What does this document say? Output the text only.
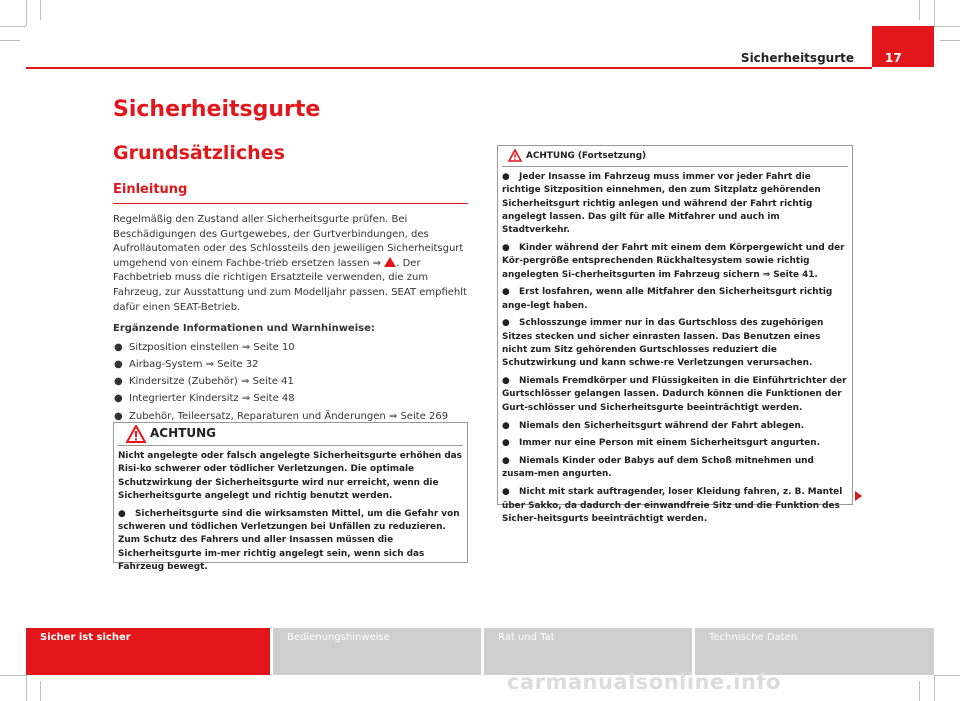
Sicherheitsgurte	17
Sicherheitsgurte
Grundsätzliches
Einleitung

Regelmäßig den Zustand aller Sicherheitsgurte prüfen. Bei Beschädigungen des Gurtgewebes, der Gurtverbindungen, des Aufrollautomaten oder des Schlossteils den jeweiligen Sicherheitsgurt umgehend von einem Fachbe-trieb ersetzen lassen ⇒ . Der Fachbetrieb muss die richtigen Ersatzteile verwenden, die zum Fahrzeug, zur Ausstattung und zum Modelljahr passen. SEAT empfiehlt dafür einen SEAT-Betrieb.

Ergänzende Informationen und Warnhinweise:

● Sitzposition einstellen ⇒ Seite 10
● Airbag-System ⇒ Seite 32
● Kindersitze (Zubehör) ⇒ Seite 41
● Integrierter Kindersitz ⇒ Seite 48
● Zubehör, Teileersatz, Reparaturen und Änderungen ⇒ Seite 269
ACHTUNG

Nicht angelegte oder falsch angelegte Sicherheitsgurte erhöhen das Risi-ko schwerer oder tödlicher Verletzungen. Die optimale Schutzwirkung der Sicherheitsgurte wird nur erreicht, wenn die Sicherheitsgurte angelegt und richtig benutzt werden.

● Sicherheitsgurte sind die wirksamsten Mittel, um die Gefahr von schweren und tödlichen Verletzungen bei Unfällen zu reduzieren. Zum Schutz des Fahrers und aller Insassen müssen die Sicherheitsgurte im-mer richtig angelegt sein, wenn sich das Fahrzeug bewegt.

ACHTUNG (Fortsetzung)

● Jeder Insasse im Fahrzeug muss immer vor jeder Fahrt die richtige Sitzposition einnehmen, den zum Sitzplatz gehörenden Sicherheitsgurt richtig anlegen und während der Fahrt richtig angelegt lassen. Das gilt für alle Mitfahrer und auch im Stadtverkehr.

● Kinder während der Fahrt mit einem dem Körpergewicht und der Kör-pergröße entsprechenden Rückhaltesystem sowie richtig angelegten Si-cherheitsgurten im Fahrzeug sichern ⇒ Seite 41.

● Erst losfahren, wenn alle Mitfahrer den Sicherheitsgurt richtig ange-legt haben.

● Schlosszunge immer nur in das Gurtschloss des zugehörigen Sitzes stecken und sicher einrasten lassen. Das Benutzen eines nicht zum Sitz gehörenden Gurtschlosses reduziert die Schutzwirkung und kann schwe-re Verletzungen verursachen.

● Niemals Fremdkörper und Flüssigkeiten in die Einführtrichter der Gurtschlösser gelangen lassen. Dadurch können die Funktionen der Gurt-schlösser und Sicherheitsgurte beeinträchtigt werden.

● Niemals den Sicherheitsgurt während der Fahrt ablegen.

● Immer nur eine Person mit einem Sicherheitsgurt angurten.

● Niemals Kinder oder Babys auf dem Schoß mitnehmen und zusam-men angurten.

● Nicht mit stark auftragender, loser Kleidung fahren, z. B. Mantel über Sakko, da dadurch der einwandfreie Sitz und die Funktion des Sicher-heitsgurts beeinträchtigt werden.

Sicher ist sicher	Bedienungshinweise	Rat und Tat	Technische Daten
carmanualsonline.info
